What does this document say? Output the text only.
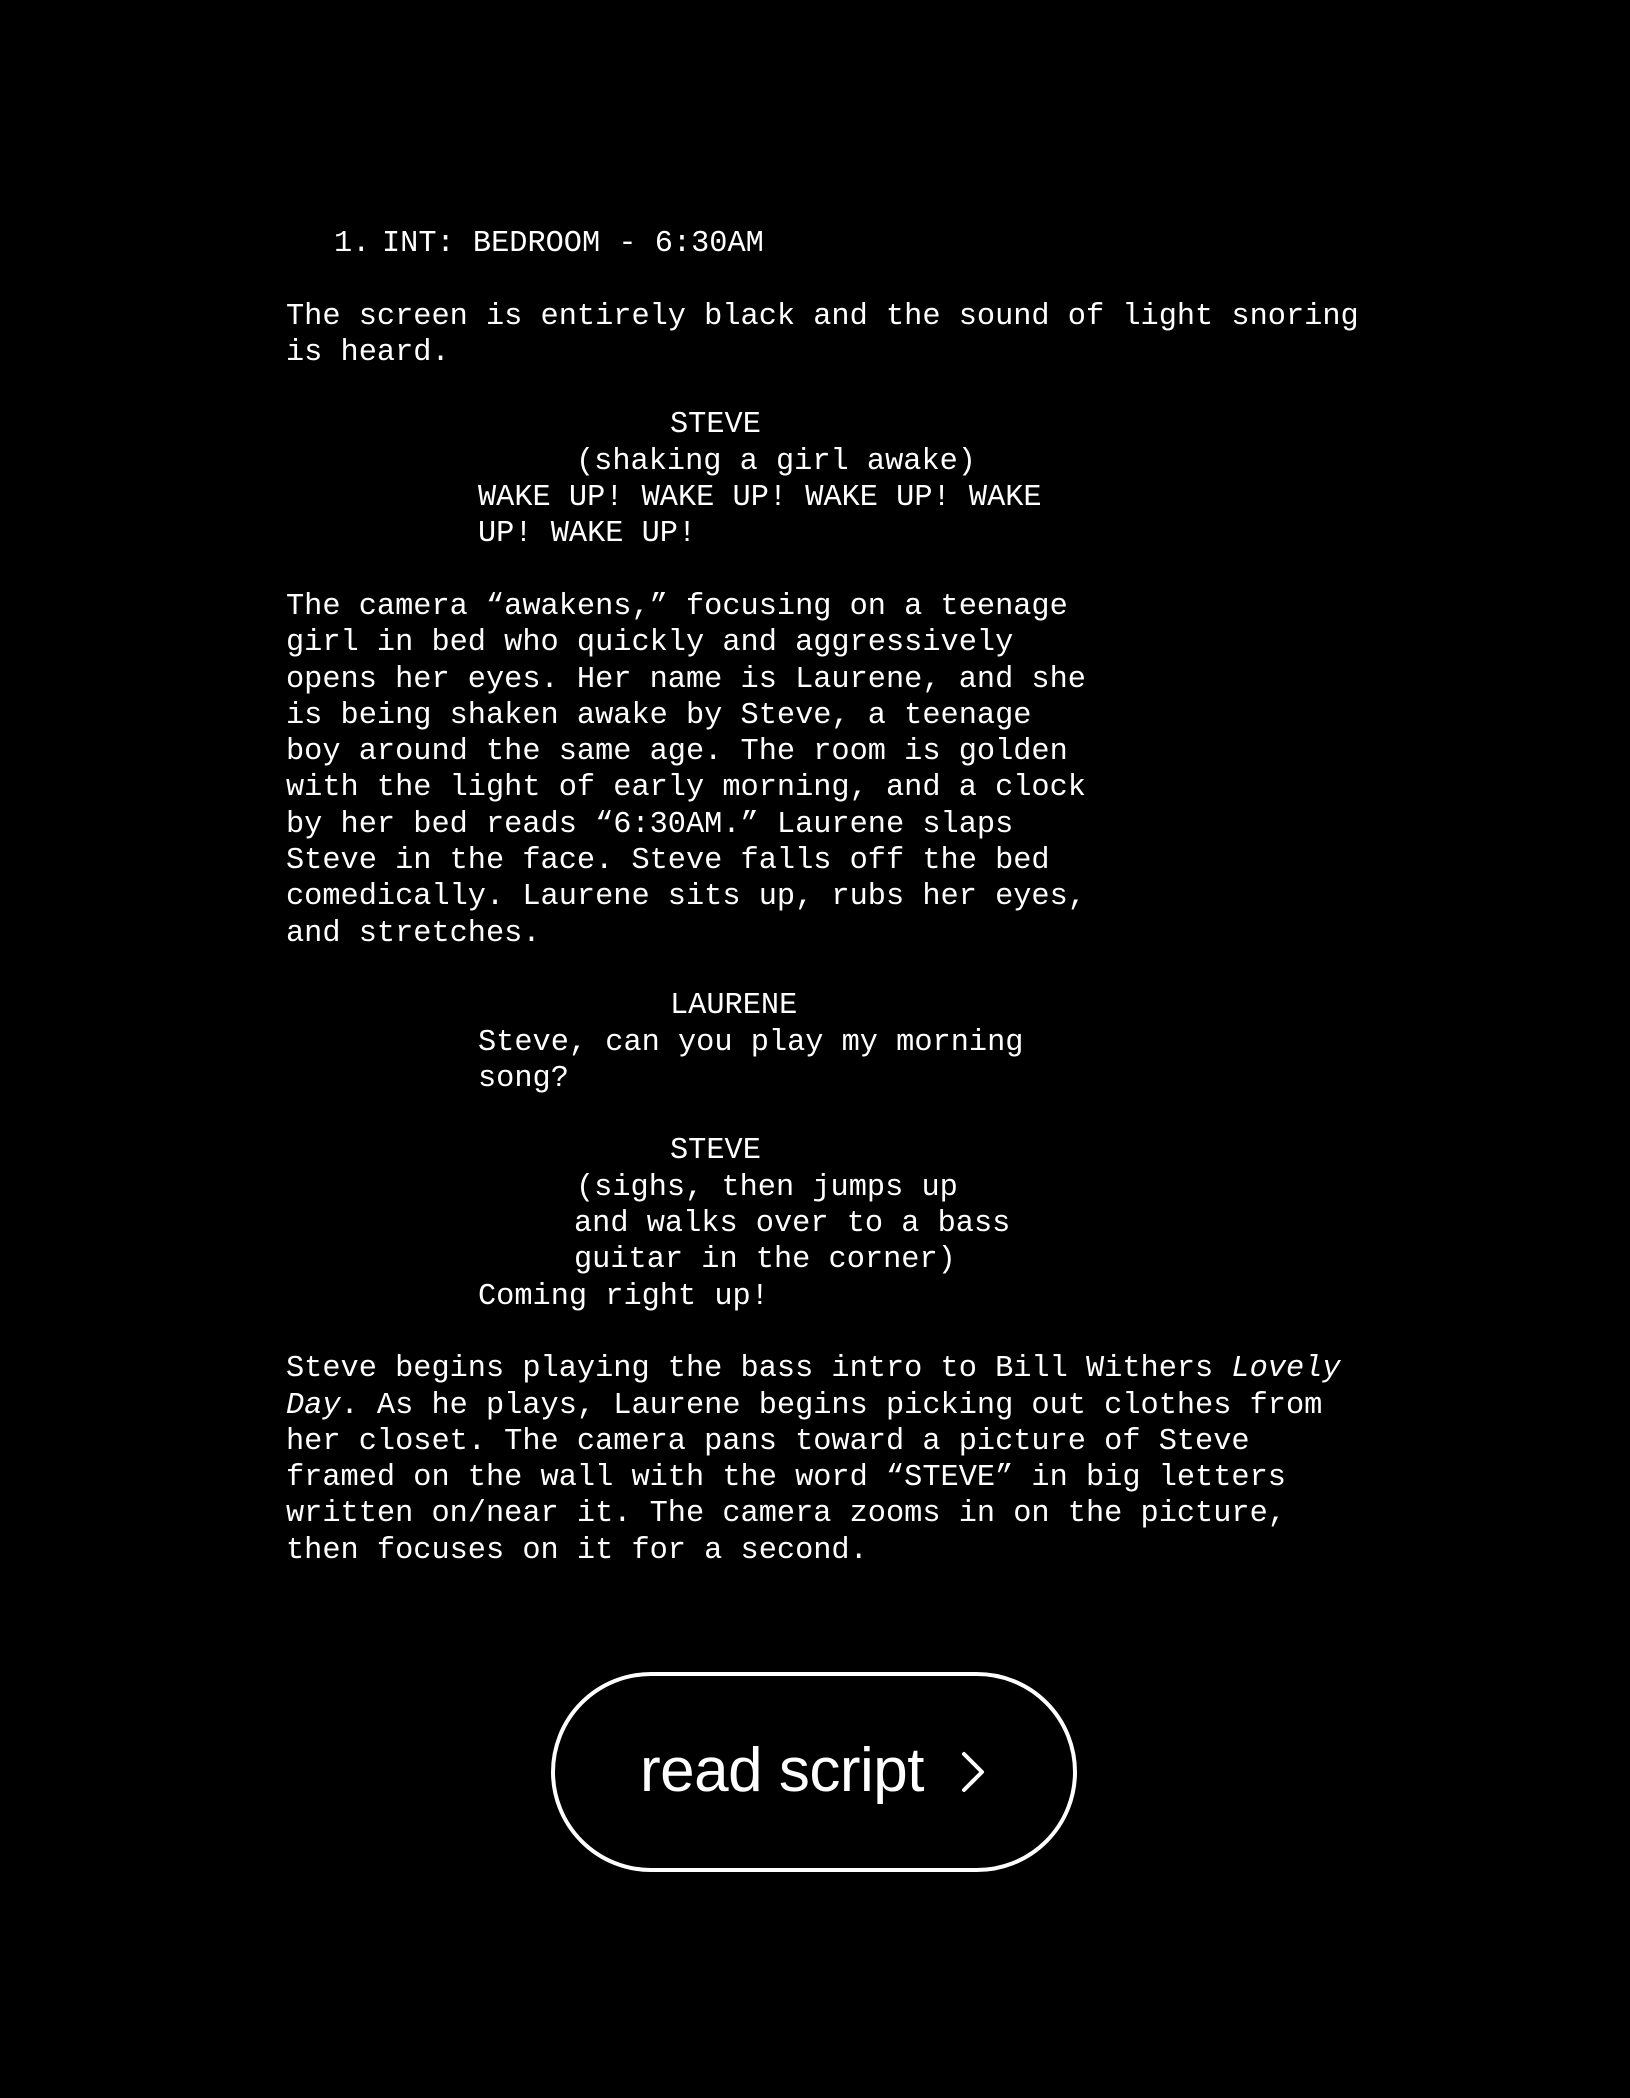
1. INT: BEDROOM - 6:30AM
The screen is entirely black and the sound of light snoring
is heard.
STEVE
(shaking a girl awake)
WAKE UP! WAKE UP! WAKE UP! WAKE
UP! WAKE UP!
The camera “awakens,” focusing on a teenage
girl in bed who quickly and aggressively
opens her eyes. Her name is Laurene, and she
is being shaken awake by Steve, a teenage
boy around the same age. The room is golden
with the light of early morning, and a clock
by her bed reads “6:30AM.” Laurene slaps
Steve in the face. Steve falls off the bed
comedically. Laurene sits up, rubs her eyes,
and stretches.
LAURENE
Steve, can you play my morning
song?
STEVE
(sighs, then jumps up
and walks over to a bass
guitar in the corner)
Coming right up!
Steve begins playing the bass intro to Bill Withers Lovely
Day. As he plays, Laurene begins picking out clothes from
her closet. The camera pans toward a picture of Steve
framed on the wall with the word “STEVE” in big letters
written on/near it. The camera zooms in on the picture,
then focuses on it for a second.
read script
